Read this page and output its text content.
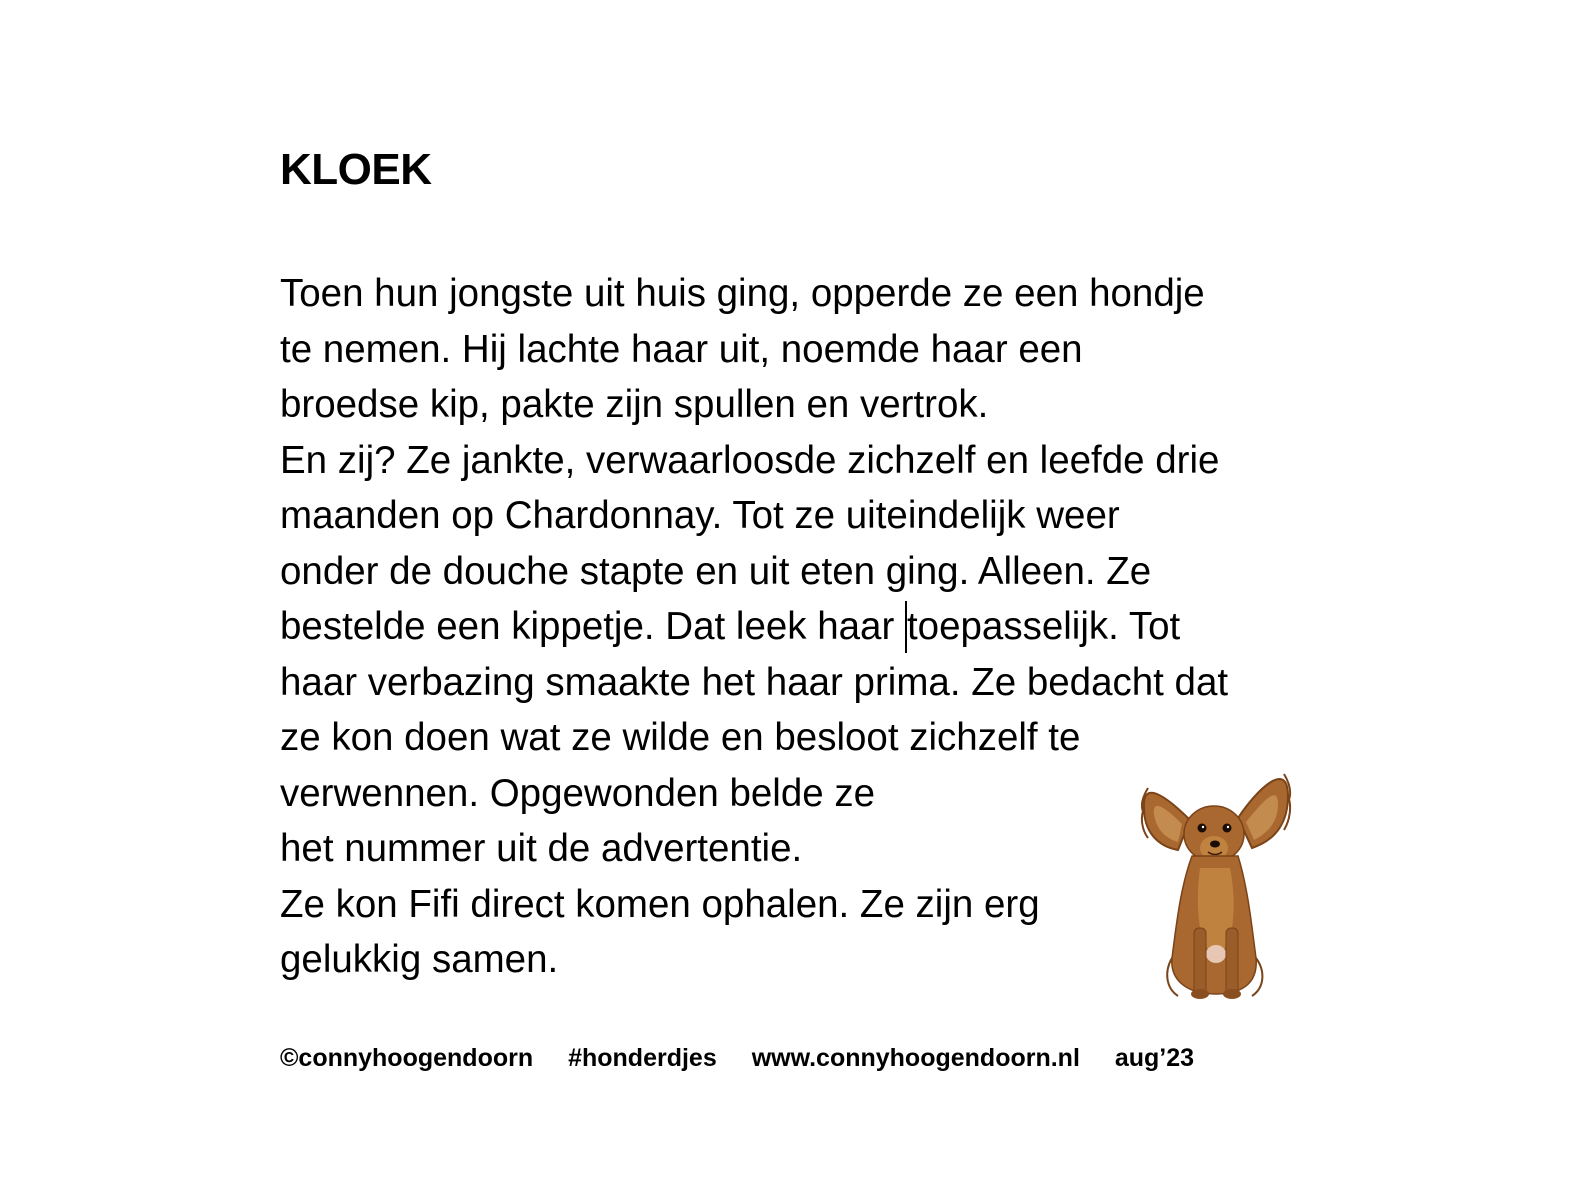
KLOEK
Toen hun jongste uit huis ging, opperde ze een hondje
te nemen. Hij lachte haar uit, noemde haar een
broedse kip, pakte zijn spullen en vertrok.
En zij? Ze jankte, verwaarloosde zichzelf en leefde drie
maanden op Chardonnay. Tot ze uiteindelijk weer
onder de douche stapte en uit eten ging. Alleen. Ze
bestelde een kippetje. Dat leek haar toepasselijk. Tot
haar verbazing smaakte het haar prima. Ze bedacht dat
ze kon doen wat ze wilde en besloot zichzelf te
verwennen. Opgewonden belde ze
het nummer uit de advertentie.
Ze kon Fifi direct komen ophalen. Ze zijn erg
gelukkig samen.
©connyhoogendoorn #honderdjes www.connyhoogendoorn.nl aug’23
